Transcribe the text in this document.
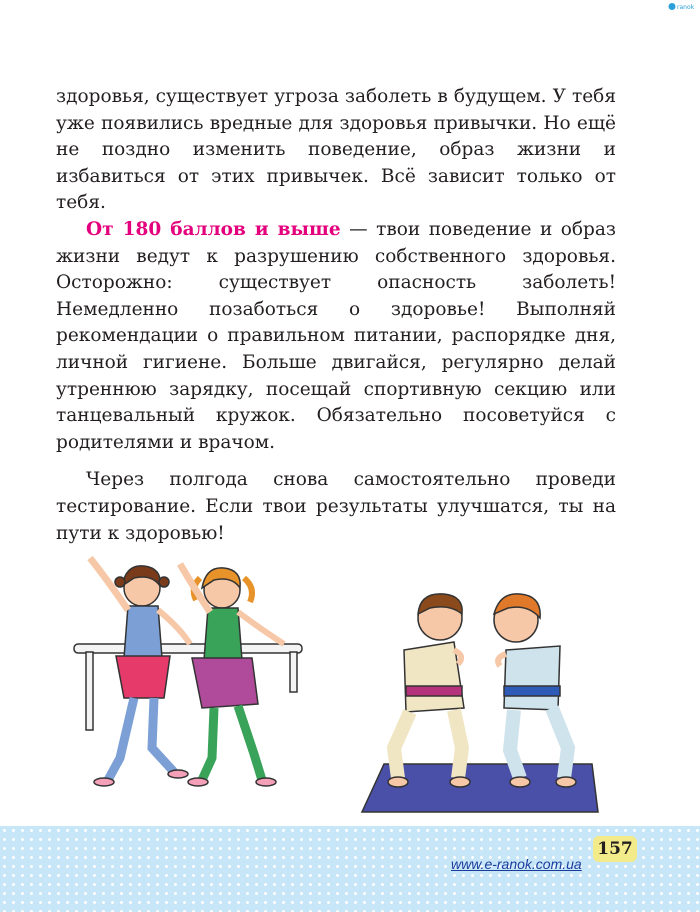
ranok

здоровья, существует угроза заболеть в будущем. У тебя уже появились вредные для здоровья привычки. Но ещё не поздно изменить поведение, образ жизни и избавиться от этих привычек. Всё зависит только от тебя.

От 180 баллов и выше — твои поведение и образ жизни ведут к разрушению собственного здоровья. Осторожно: существует опасность заболеть! Немедленно позаботься о здоровье! Выполняй рекомендации о правильном питании, распорядке дня, личной гигиене. Больше двигайся, регулярно делай утреннюю зарядку, посещай спортивную секцию или танцевальный кружок. Обязательно посоветуйся с родителями и врачом.

Через полгода снова самостоятельно проведи тестирование. Если твои результаты улучшатся, ты на пути к здоровью!

157
www.e-ranok.com.ua
